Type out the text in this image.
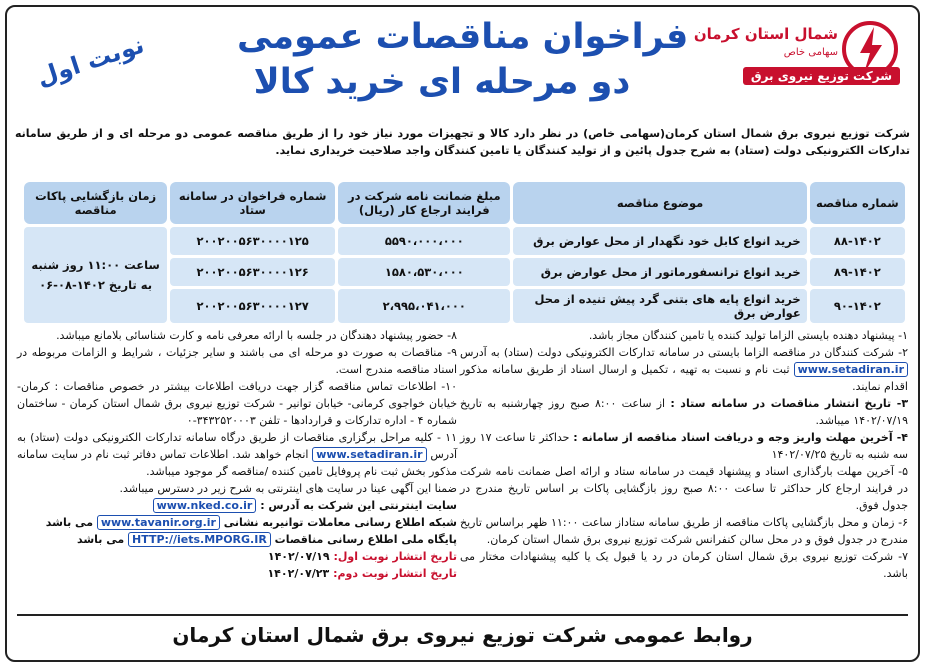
شمال استان کرمان
سهامی خاص
شرکت توزیع نیروی برق
فراخوان مناقصات عمومی
دو مرحله ای خرید کالا
نوبت اول
شرکت توزیع نیروی برق شمال استان کرمان(سهامی خاص) در نظر دارد کالا و تجهیزات مورد نیاز خود را از طریق مناقصه عمومی دو مرحله ای و از طریق سامانه تدارکات الکترونیکی دولت (ستاد) به شرح جدول پائین و از تولید کنندگان یا تامین کنندگان واجد صلاحیت خریداری نماید.
شماره مناقصه	موضوع مناقصه	مبلغ ضمانت نامه شرکت در فرایند ارجاع کار (ریال)	شماره فراخوان در سامانه ستاد	زمان بازگشایی پاکات مناقصه
۸۸-۱۴۰۲	خرید انواع کابل خود نگهدار از محل عوارض برق	۵۵۹۰،۰۰۰،۰۰۰	۲۰۰۲۰۰۵۶۳۰۰۰۰۱۲۵	ساعت ۱۱:۰۰ روز شنبه به تاریخ ۱۴۰۲-۰۸-۰۶
۸۹-۱۴۰۲	خرید انواع ترانسفورماتور از محل عوارض برق	۱۵۸۰،۵۳۰،۰۰۰	۲۰۰۲۰۰۵۶۳۰۰۰۰۱۲۶	
۹۰-۱۴۰۲	خرید انواع پایه های بتنی گرد پیش تنیده از محل عوارض برق	۲،۹۹۵،۰۴۱،۰۰۰	۲۰۰۲۰۰۵۶۳۰۰۰۰۱۲۷	

۱- پیشنهاد دهنده بایستی الزاما تولید کننده یا تامین کنندگان مجاز باشد.

۲- شرکت کنندگان در مناقصه الزاما بایستی در سامانه تدارکات الکترونیکی دولت (ستاد) به آدرس www.setadiran.ir ثبت نام و نسبت به تهیه ، تکمیل و ارسال اسناد از طریق سامانه مذکور اقدام نمایند.

۳- تاریخ انتشار مناقصات در سامانه ستاد : از ساعت ۸:۰۰ صبح روز چهارشنبه به تاریخ ۱۴۰۲/۰۷/۱۹ میباشد.

۴- آخرین مهلت واریز وجه و دریافت اسناد مناقصه از سامانه : حداکثر تا ساعت ۱۷ روز سه شنبه به تاریخ ۱۴۰۲/۰۷/۲۵

۵- آخرین مهلت بارگذاری اسناد و پیشنهاد قیمت در سامانه ستاد و ارائه اصل ضمانت نامه شرکت در فرایند ارجاع کار حداکثر تا ساعت ۸:۰۰ صبح روز بازگشایی پاکات بر اساس تاریخ مندرج در جدول فوق.

۶- زمان و محل بازگشایی پاکات مناقصه از طریق سامانه ستاداز ساعت ۱۱:۰۰ ظهر براساس تاریخ مندرج در جدول فوق و در محل سالن کنفرانس شرکت توزیع نیروی برق شمال استان کرمان.

۷- شرکت توزیع نیروی برق شمال استان کرمان در رد یا قبول یک یا کلیه پیشنهادات مختار می باشد.

۸- حضور پیشنهاد دهندگان در جلسه با ارائه معرفی نامه و کارت شناسائی بلامانع میباشد.

۹- مناقصات به صورت دو مرحله ای می باشند و سایر جزئیات ، شرایط و الزامات مربوطه در اسناد مناقصه مندرج است.

۱۰- اطلاعات تماس مناقصه گزار جهت دریافت اطلاعات بیشتر در خصوص مناقصات : کرمان- خیابان خواجوی کرمانی- خیابان توانیر - شرکت توزیع نیروی برق شمال استان کرمان - ساختمان شماره ۴ - اداره تدارکات و قراردادها - تلفن ۳۴۳۲۵۲۰۰۰۳-۰

۱۱ - کلیه مراحل برگزاری مناقصات از طریق درگاه سامانه تدارکات الکترونیکی دولت (ستاد) به آدرس www.setadiran.ir انجام خواهد شد. اطلاعات تماس دفاتر ثبت نام در سایت سامانه مذکور بخش ثبت نام پروفایل تامین کننده /مناقصه گر موجود میباشد.

ضمنا این آگهی عینا در سایت های اینترنتی به شرح زیر در دسترس میباشد.

سایت اینترنتی این شرکت به آدرس : www.nked.co.ir

شبکه اطلاع رسانی معاملات توانیربه نشانی www.tavanir.org.ir می باشد

پایگاه ملی اطلاع رسانی مناقصات HTTP://iets.MPORG.IR می باشد

تاریخ انتشار نوبت اول: ۱۴۰۲/۰۷/۱۹

تاریخ انتشار نوبت دوم: ۱۴۰۲/۰۷/۲۳

روابط عمومی شرکت توزیع نیروی برق شمال استان کرمان
